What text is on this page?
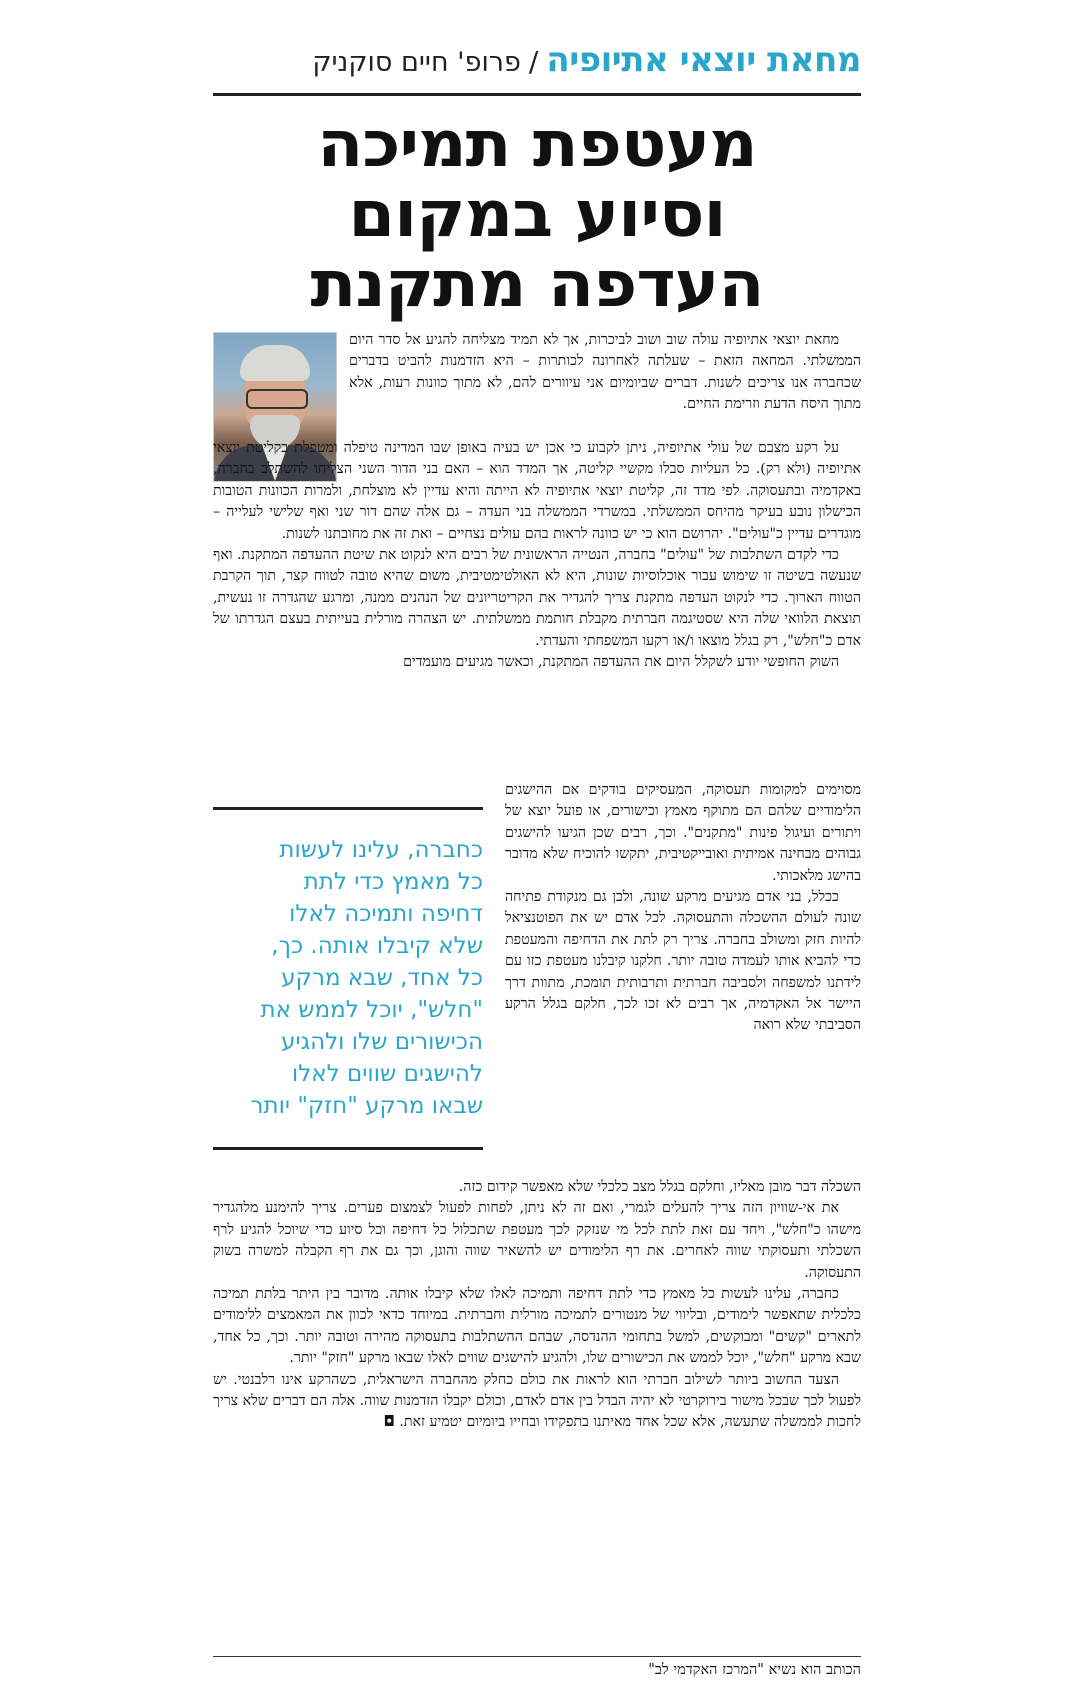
מחאת יוצאי אתיופיה/פרופ' חיים סוקניק
מעטפת תמיכה
וסיוע במקום
העדפה מתקנת

מחאת יוצאי אתיופיה עולה שוב ושוב לביכרות, אך לא תמיד מצליחה להגיע אל סדר היום הממשלתי. המחאה הזאת – שעלתה לאחרונה לכותרות – היא הזדמנות להביט בדברים שכחברה אנו צריכים לשנות. דברים שביומיום אני עיוורים להם, לא מתוך כוונות רעות, אלא מתוך היסח הדעת וזרימת החיים.

על רקע מצבם של עולי אתיופיה, ניתן לקבוע כי אכן יש בעיה באופן שבו המדינה טיפלה ומטפלת בקליטת יוצאי אתיופיה (ולא רק). כל העליות סבלו מקשיי קליטה, אך המדד הוא – האם בני הדור השני הצליחו להשתלב בחברה, באקדמיה ובתעסוקה. לפי מדד זה, קליטת יוצאי אתיופיה לא הייתה והיא עדיין לא מוצלחת, ולמרות הכוונות הטובות הכישלון נובע בעיקר מהיחס הממשלתי. במשרדי הממשלה בני העדה – גם אלה שהם דור שני ואף שלישי לעלייה – מוגדרים עדיין כ"עולים". יהרושם הוא כי יש כוונה לראות בהם עולים נצחיים – ואת זה את מחובתנו לשנות.

כדי לקדם השתלבות של "עולים" בחברה, הנטייה הראשונית של רבים היא לנקוט את שיטת ההעדפה המתקנת. ואף שנעשה בשיטה זו שימוש עבור אוכלוסיות שונות, היא לא האולטימטיבית, משום שהיא טובה לטווח קצר, תוך הקרבת הטווח הארוך. כדי לנקוט העדפה מתקנת צריך להגדיר את הקריטריונים של הנהנים ממנה, ומרגע שהגדרה זו נעשית, תוצאת הלוואי שלה היא שסטיגמה חברתית מקבלת חותמת ממשלתית. יש הצהרה מורלית בעייתית בעצם הגדרתו של אדם כ"חלש", רק בגלל מוצאו ו/או רקעו המשפחתי והעדתי.

השוק החופשי יודע לשקלל היום את ההעדפה המתקנת, וכאשר מגיעים מועמדים

מסוימים למקומות תעסוקה, המעסיקים בודקים אם ההישגים הלימודיים שלהם הם מתוקף מאמץ וכישורים, או פועל יוצא של ויתורים ועיגול פינות "מתקנים". וכך, רבים שכן הגיעו להישגים גבוהים מבחינה אמיתית ואובייקטיבית, יתקשו להוכיח שלא מדובר בהישג מלאכותי.

ככלל, בני אדם מגיעים מרקע שונה, ולכן גם מנקודת פתיחה שונה לעולם ההשכלה והתעסוקה. לכל אדם יש את הפוטנציאל להיות חזק ומשולב בחברה. צריך רק לתת את הדחיפה והמעטפת כדי להביא אותו לעמדה טובה יותר. חלקנו קיבלנו מעטפת כזו עם לידתנו למשפחה ולסביבה חברתית ותרבותית תומכת, מתוות דרך היישר אל האקדמיה, אך רבים לא זכו לכך, חלקם בגלל הרקע הסביבתי שלא רואה

כחברה, עלינו לעשות
כל מאמץ כדי לתת
דחיפה ותמיכה לאלו
שלא קיבלו אותה. כך,
כל אחד, שבא מרקע
"חלש", יוכל לממש את
הכישורים שלו ולהגיע
להישגים שווים לאלו
שבאו מרקע "חזק" יותר

השכלה דבר מובן מאליו, וחלקם בגלל מצב כלכלי שלא מאפשר קידום כזה.

את אי-שוויון הזה צריך להעלים לגמרי, ואם זה לא ניתן, לפחות לפעול לצמצום פערים. צריך להימנע מלהגדיר מישהו כ"חלש", ויחד עם זאת לתת לכל מי שנזקק לכך מעטפת שתכלול כל דחיפה וכל סיוע כדי שיוכל להגיע לרף השכלתי ותעסוקתי שווה לאחרים. את רף הלימודים יש להשאיר שווה והוגן, וכך גם את רף הקבלה למשרה בשוק התעסוקה.

כחברה, עלינו לעשות כל מאמץ כדי לתת דחיפה ותמיכה לאלו שלא קיבלו אותה. מדובר בין היתר בלתת תמיכה כלכלית שתאפשר לימודים, ובליווי של מנטורים לתמיכה מורלית וחברתית. במיוחד כדאי לכוון את המאמצים ללימודים לתארים "קשים" ומבוקשים, למשל בתחומי ההנדסה, שבהם ההשתלבות בתעסוקה מהירה וטובה יותר. וכך, כל אחד, שבא מרקע "חלש", יוכל לממש את הכישורים שלו, ולהגיע להישגים שווים לאלו שבאו מרקע "חזק" יותר.

הצעד החשוב ביותר לשילוב חברתי הוא לראות את כולם כחלק מהחברה הישראלית, כשהרקע אינו רלבנטי. יש לפעול לכך שבכל מישור בירוקרטי לא יהיה הבדל בין אדם לאדם, וכולם יקבלו הזדמנות שווה. אלה הם דברים שלא צריך לחכות לממשלה שתעשה, אלא שכל אחד מאיתנו בתפקידו ובחייו ביומיום יטמיע זאת. ◘

הכותב הוא נשיא "המרכז האקדמי לב"
